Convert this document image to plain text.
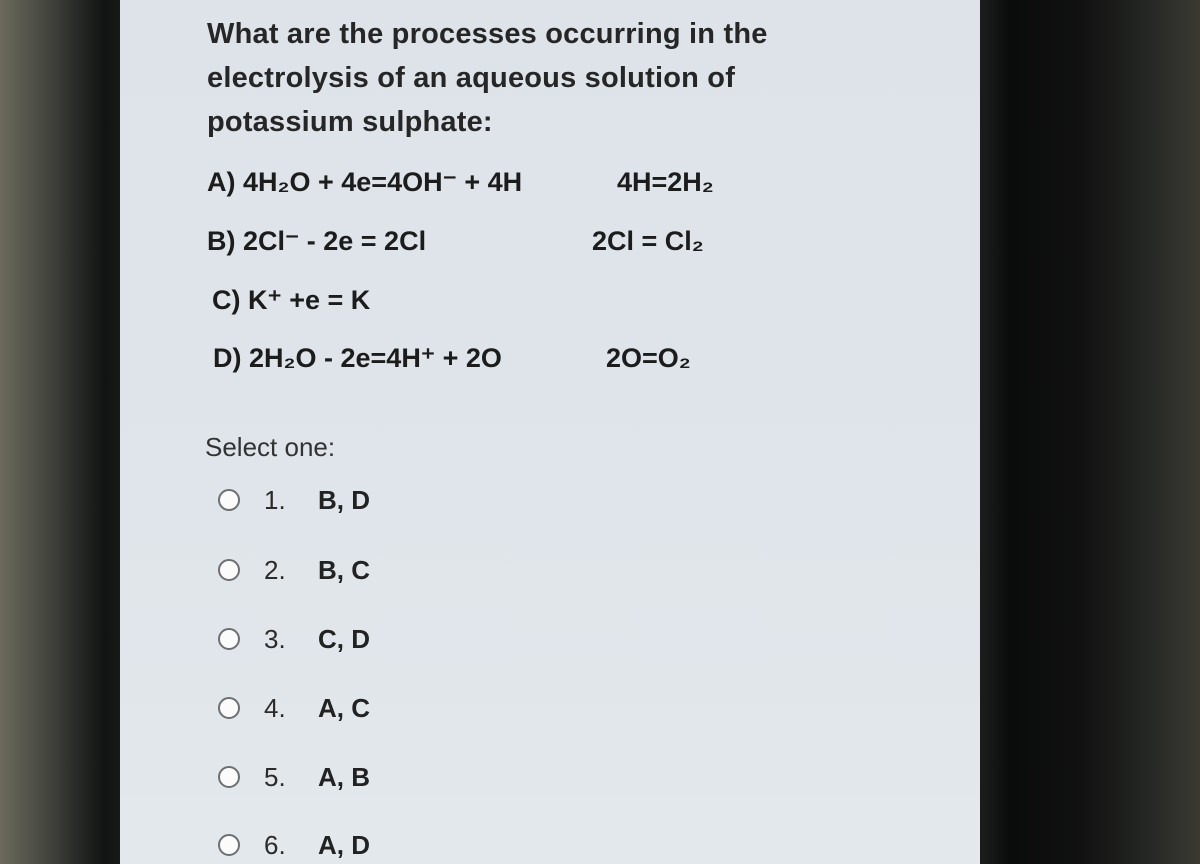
What are the processes occurring in the
electrolysis of an aqueous solution of
potassium sulphate:
A) 4H₂O + 4e=4OH⁻ + 4H	4H=2H₂
B) 2Cl⁻ - 2e = 2Cl	2Cl = Cl₂
C) K⁺ +e = K
D) 2H₂O - 2e=4H⁺ + 2O	2O=O₂
Select one:
1.	B, D
2.	B, C
3.	C, D
4.	A, C
5.	A, B
6.	A, D
